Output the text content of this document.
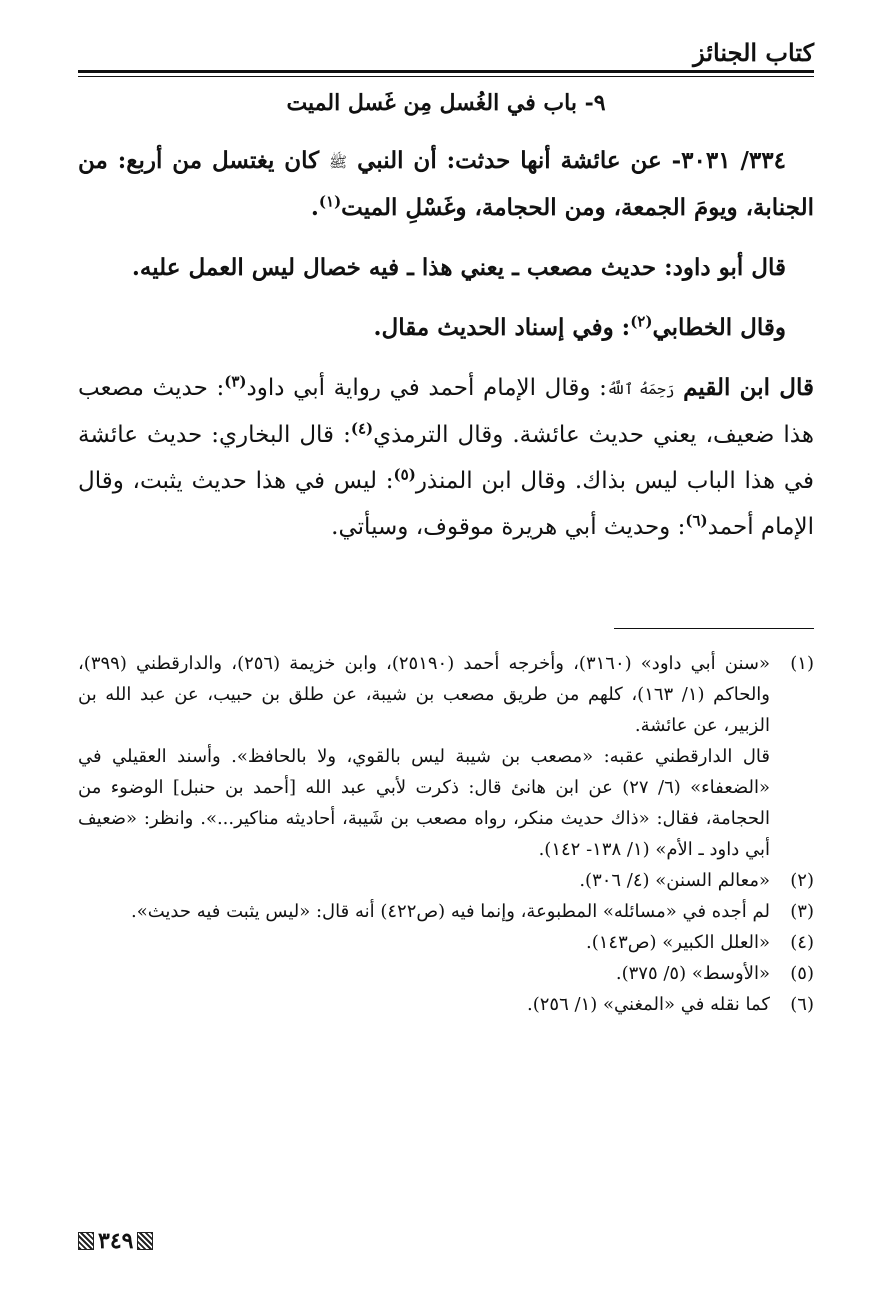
كتاب الجنائز
٩- باب في الغُسل مِن غَسل الميت

٣٣٤/ ٣٠٣١- عن عائشة أنها حدثت: أن النبي ﷺ كان يغتسل من أربع: من الجنابة، ويومَ الجمعة، ومن الحجامة، وغَسْلِ الميت$^{(١)}$.

قال أبو داود: حديث مصعب ـ يعني هذا ـ فيه خصال ليس العمل عليه.

وقال الخطابي$^{(٢)}$: وفي إسناد الحديث مقال.

قال ابن القيم رَحِمَهُ ٱللَّهُ: وقال الإمام أحمد في رواية أبي داود$^{(٣)}$: حديث مصعب هذا ضعيف، يعني حديث عائشة. وقال الترمذي$^{(٤)}$: قال البخاري: حديث عائشة في هذا الباب ليس بذاك. وقال ابن المنذر$^{(٥)}$: ليس في هذا حديث يثبت، وقال الإمام أحمد$^{(٦)}$: وحديث أبي هريرة موقوف، وسيأتي.

(١)
«سنن أبي داود» (٣١٦٠)، وأخرجه أحمد (٢٥١٩٠)، وابن خزيمة (٢٥٦)، والدارقطني (٣٩٩)، والحاكم (١/ ١٦٣)، كلهم من طريق مصعب بن شيبة، عن طلق بن حبيب، عن عبد الله بن الزبير، عن عائشة.
قال الدارقطني عقبه: «مصعب بن شيبة ليس بالقوي، ولا بالحافظ». وأسند العقيلي في «الضعفاء» (٦/ ٢٧) عن ابن هانئ قال: ذكرت لأبي عبد الله [أحمد بن حنبل] الوضوء من الحجامة، فقال: «ذاك حديث منكر، رواه مصعب بن شَيبة، أحاديثه مناكير...». وانظر: «ضعيف أبي داود ـ الأم» (١/ ١٣٨- ١٤٢).
(٢)
«معالم السنن» (٤/ ٣٠٦).
(٣)
لم أجده في «مسائله» المطبوعة، وإنما فيه (ص٤٢٢) أنه قال: «ليس يثبت فيه حديث».
(٤)
«العلل الكبير» (ص١٤٣).
(٥)
«الأوسط» (٥/ ٣٧٥).
(٦)
كما نقله في «المغني» (١/ ٢٥٦).
٣٤٩
